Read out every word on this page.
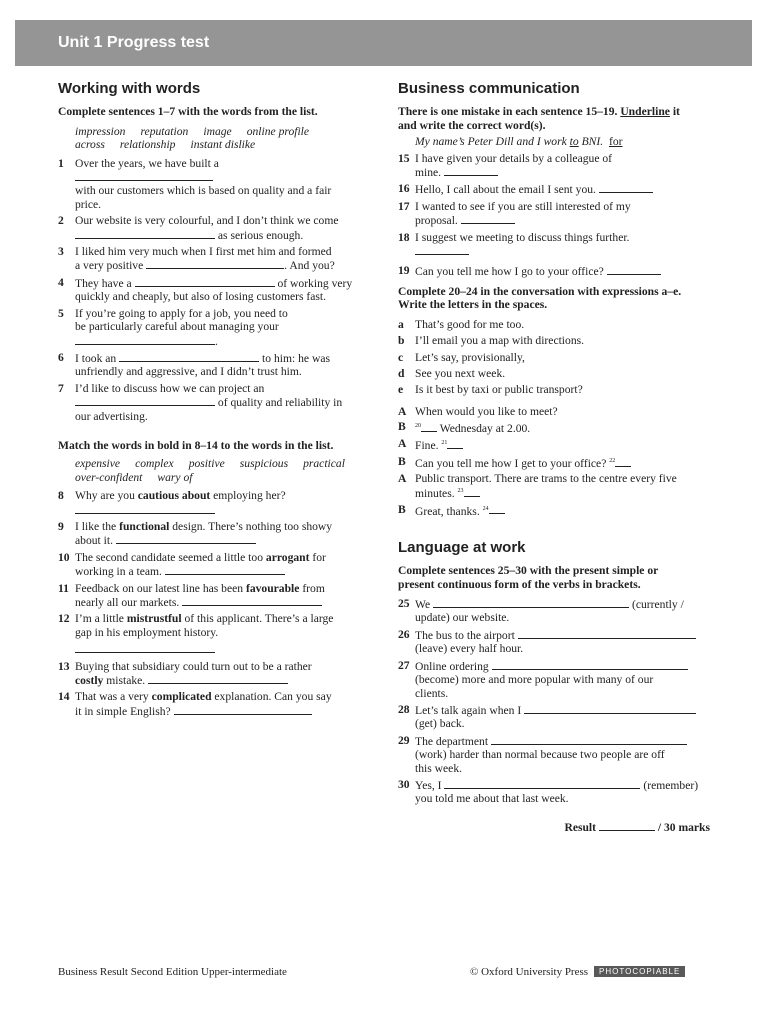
Unit 1 Progress test
Working with words

Complete sentences 1–7 with the words from the list.

impression reputation image online profile

across relationship instant dislike

1 Over the years, we have built a
with our customers which is based on quality and a fair price.
2 Our website is very colourful, and I don’t think we come
as serious enough.
3 I liked him very much when I first met him and formed
a very positive	. And you?
4 They have a	of working very
quickly and cheaply, but also of losing customers fast.
5 If you’re going to apply for a job, you need to
be particularly careful about managing your
.
6 I took an	to him: he was
unfriendly and aggressive, and I didn’t trust him.
7 I’d like to discuss how we can project an
of quality and reliability in
our advertising.

Match the words in bold in 8–14 to the words in the list.

expensive complex positive suspicious practical

over-confident wary of

8 Why are you cautious about employing her?

9 I like the functional design. There’s nothing too showy
about it.
10 The second candidate seemed a little too arrogant for
working in a team.
11 Feedback on our latest line has been favourable from
nearly all our markets.
12 I’m a little mistrustful of this applicant. There’s a large
gap in his employment history.

13 Buying that subsidiary could turn out to be a rather
costly mistake.
14 That was a very complicated explanation. Can you say
it in simple English?
Business communication

There is one mistake in each sentence 15–19. Underline it
and write the correct word(s).

My name’s Peter Dill and I work to BNI. for

15 I have given your details by a colleague of
mine.
16 Hello, I call about the email I sent you.
17 I wanted to see if you are still interested of my
proposal.
18 I suggest we meeting to discuss things further.

19 Can you tell me how I go to your office?

Complete 20–24 in the conversation with expressions a–e.
Write the letters in the spaces.

a That’s good for me too.
b I’ll email you a map with directions.
c Let’s say, provisionally,
d See you next week.
e Is it best by taxi or public transport?
A When would you like to meet?
B $^{20}$ Wednesday at 2.00.
A Fine. $^{21}$
B Can you tell me how I get to your office? $^{22}$
A Public transport. There are trams to the centre every five
minutes. $^{23}$
B Great, thanks. $^{24}$
Language at work

Complete sentences 25–30 with the present simple or
present continuous form of the verbs in brackets.

25 We	(currently /
update) our website.
26 The bus to the airport
(leave) every half hour.
27 Online ordering
(become) more and more popular with many of our
clients.
28 Let’s talk again when I
(get) back.
29 The department
(work) harder than normal because two people are off
this week.
30 Yes, I	(remember)
you told me about that last week.

Result	/ 30 marks

Business Result Second Edition Upper-intermediate	© Oxford University Press PHOTOCOPIABLE
